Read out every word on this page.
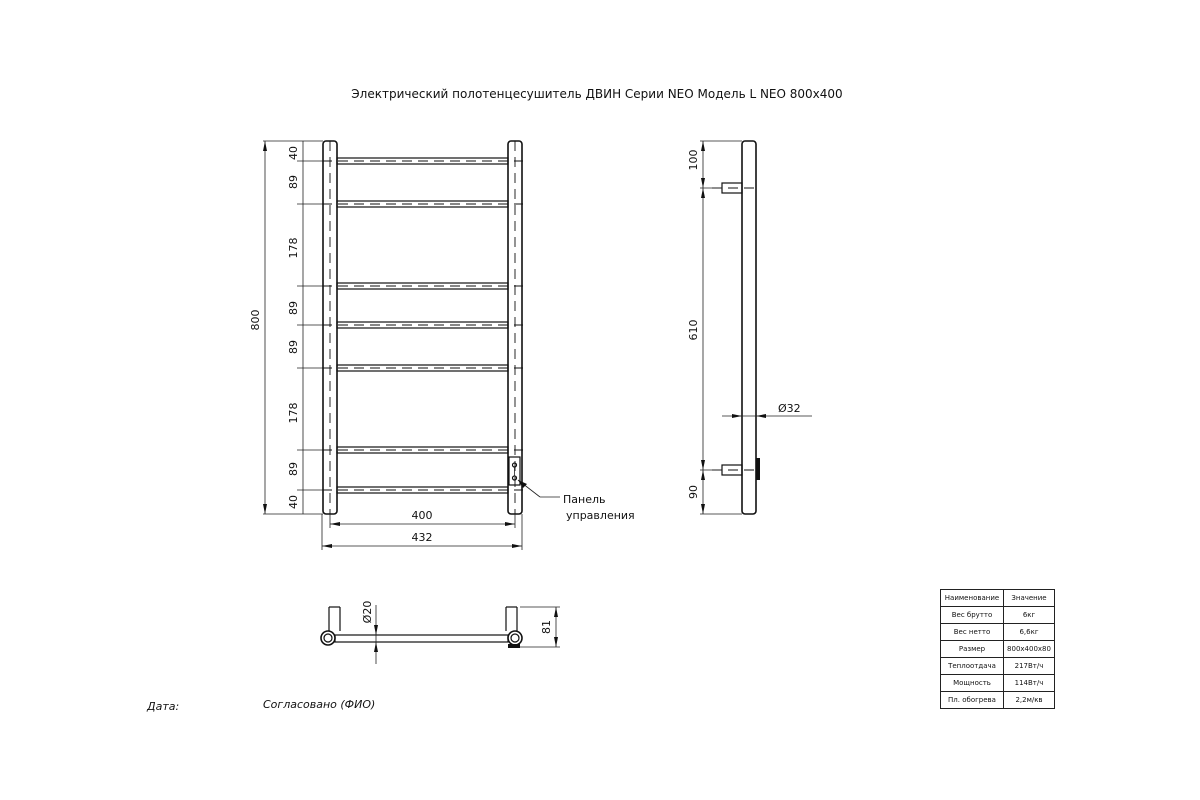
Электрический полотенцесушитель ДВИН Серии NEO Модель L NEO 800x400
Панель
управления
800
40
89
178
89
89
178
89
40
400
432
100
610
90
Ø32
Ø20
81
Дата:	Согласовано (ФИО)
Наименование	Значение
Вес брутто	6кг
Вес нетто	6,6кг
Размер	800x400x80
Теплоотдача	217Вт/ч
Мощность	114Вт/ч
Пл. обогрева	2,2м/кв
